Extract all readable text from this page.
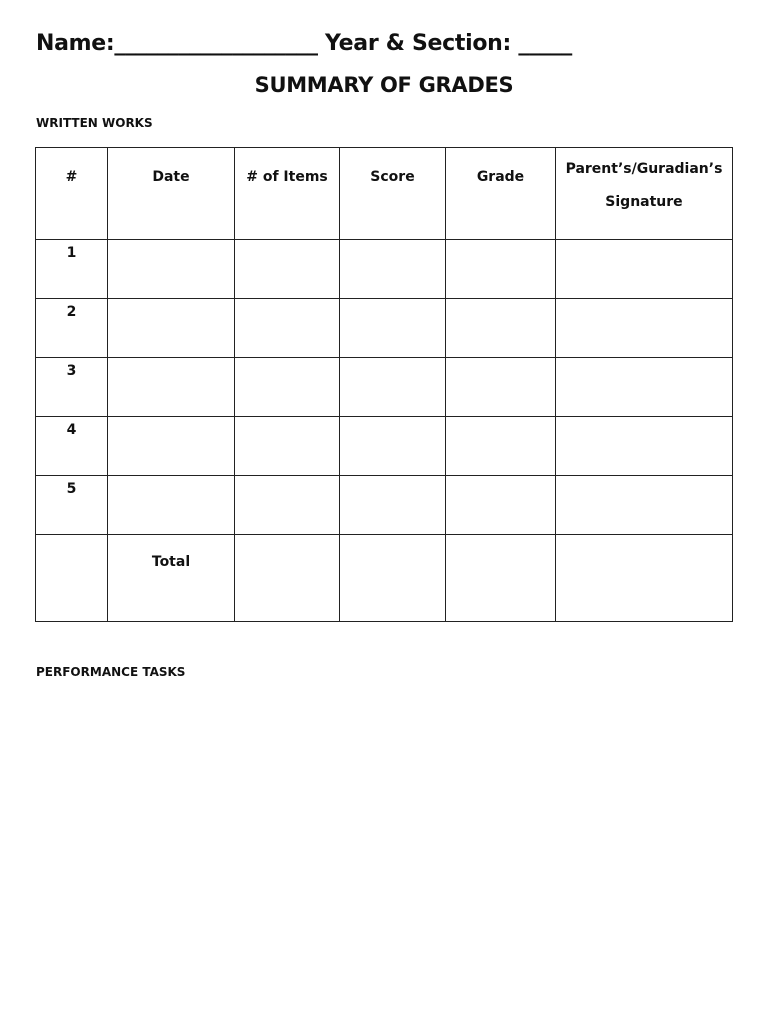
Name:___________________ Year & Section: _____
SUMMARY OF GRADES
WRITTEN WORKS
#	Date	# of Items	Score	Grade	Parent’s/Guradian’s Signature

1					

2					

3					

4					

5					

	Total				

PERFORMANCE TASKS
